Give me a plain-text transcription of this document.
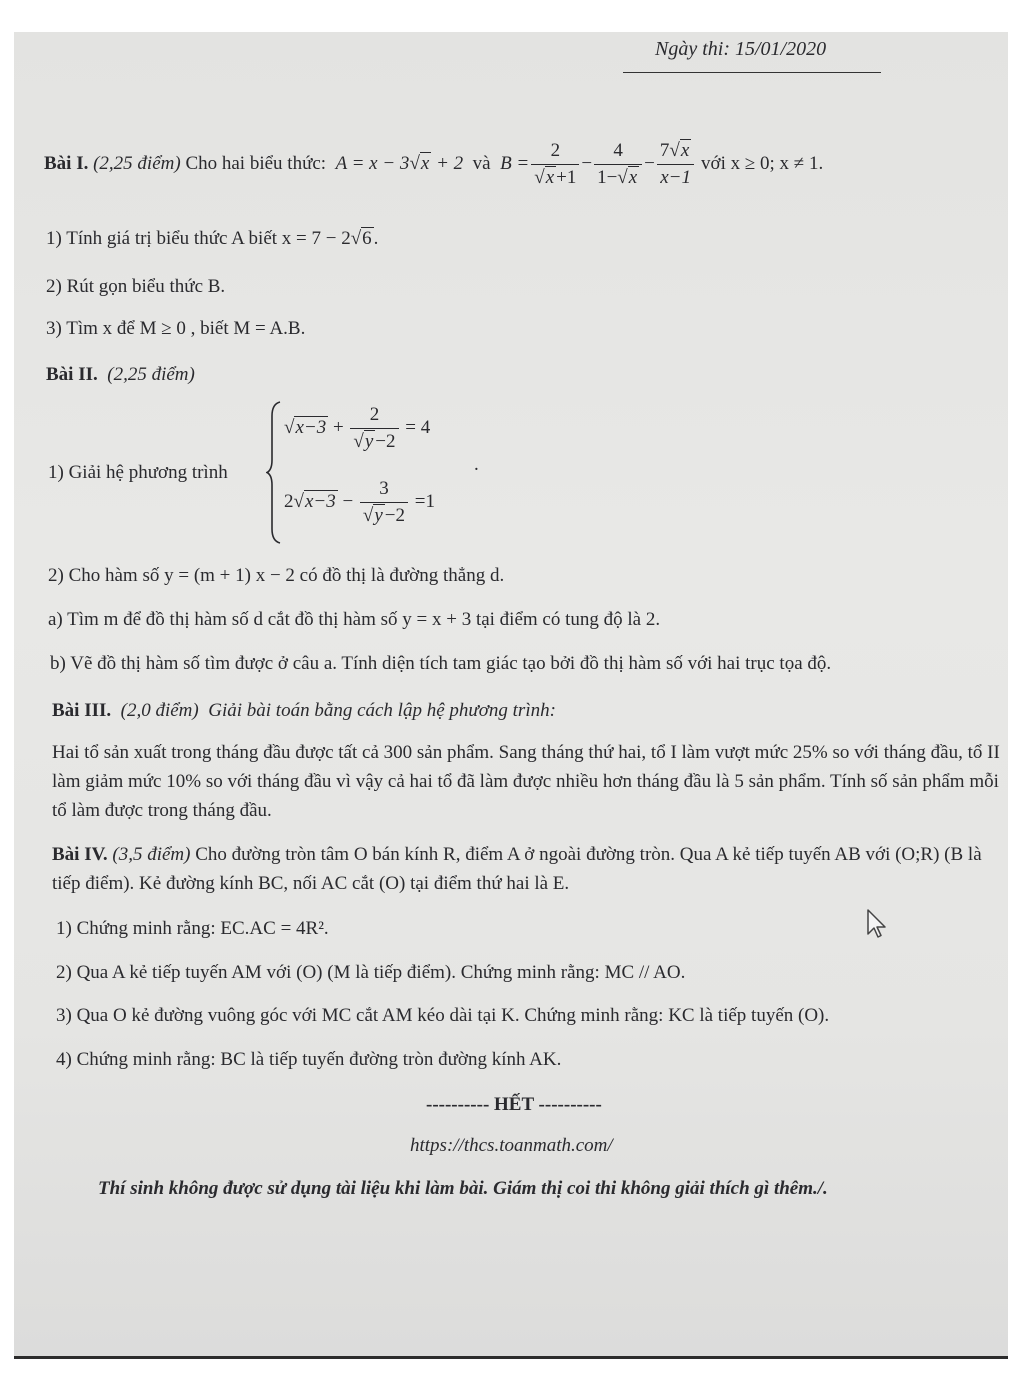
Ngày thi: 15/01/2020
Bài I.
(2,25 điểm)
Cho hai biểu thức:
A = x − 3√x + 2
và
$B = \frac{2}{√x +1} - \frac{4}{1-√x} - \frac{7√x}{x-1}$
với x ≥ 0; x ≠ 1.
1) Tính giá trị biểu thức A biết x = 7 − 2√6 .
2) Rút gọn biểu thức B.
3) Tìm x để M ≥ 0 , biết M = A.B.
Bài II. (2,25 điểm)
1) Giải hệ phương trình
$√x-3 + \frac{2}{√y -2} = 4$
$2√x-3 - \frac{3}{√y -2} =1$
.
2) Cho hàm số y = (m + 1) x − 2 có đồ thị là đường thẳng d.
a) Tìm m để đồ thị hàm số d cắt đồ thị hàm số y = x + 3 tại điểm có tung độ là 2.
b) Vẽ đồ thị hàm số tìm được ở câu a. Tính diện tích tam giác tạo bởi đồ thị hàm số với hai trục tọa độ.
Bài III. (2,0 điểm) Giải bài toán bằng cách lập hệ phương trình:
Hai tổ sản xuất trong tháng đầu được tất cả 300 sản phẩm. Sang tháng thứ hai, tổ I làm vượt mức 25% so với tháng đầu, tổ II làm giảm mức 10% so với tháng đầu vì vậy cả hai tổ đã làm được nhiều hơn tháng đầu là 5 sản phẩm. Tính số sản phẩm mỗi tổ làm được trong tháng đầu.
Bài IV. (3,5 điểm) Cho đường tròn tâm O bán kính R, điểm A ở ngoài đường tròn. Qua A kẻ tiếp tuyến AB với (O;R) (B là tiếp điểm). Kẻ đường kính BC, nối AC cắt (O) tại điểm thứ hai là E.
1) Chứng minh rằng: EC.AC = 4R².
2) Qua A kẻ tiếp tuyến AM với (O) (M là tiếp điểm). Chứng minh rằng: MC // AO.
3) Qua O kẻ đường vuông góc với MC cắt AM kéo dài tại K. Chứng minh rằng: KC là tiếp tuyến (O).
4) Chứng minh rằng: BC là tiếp tuyến đường tròn đường kính AK.
---------- HẾT ----------
https://thcs.toanmath.com/
Thí sinh không được sử dụng tài liệu khi làm bài. Giám thị coi thi không giải thích gì thêm./.
